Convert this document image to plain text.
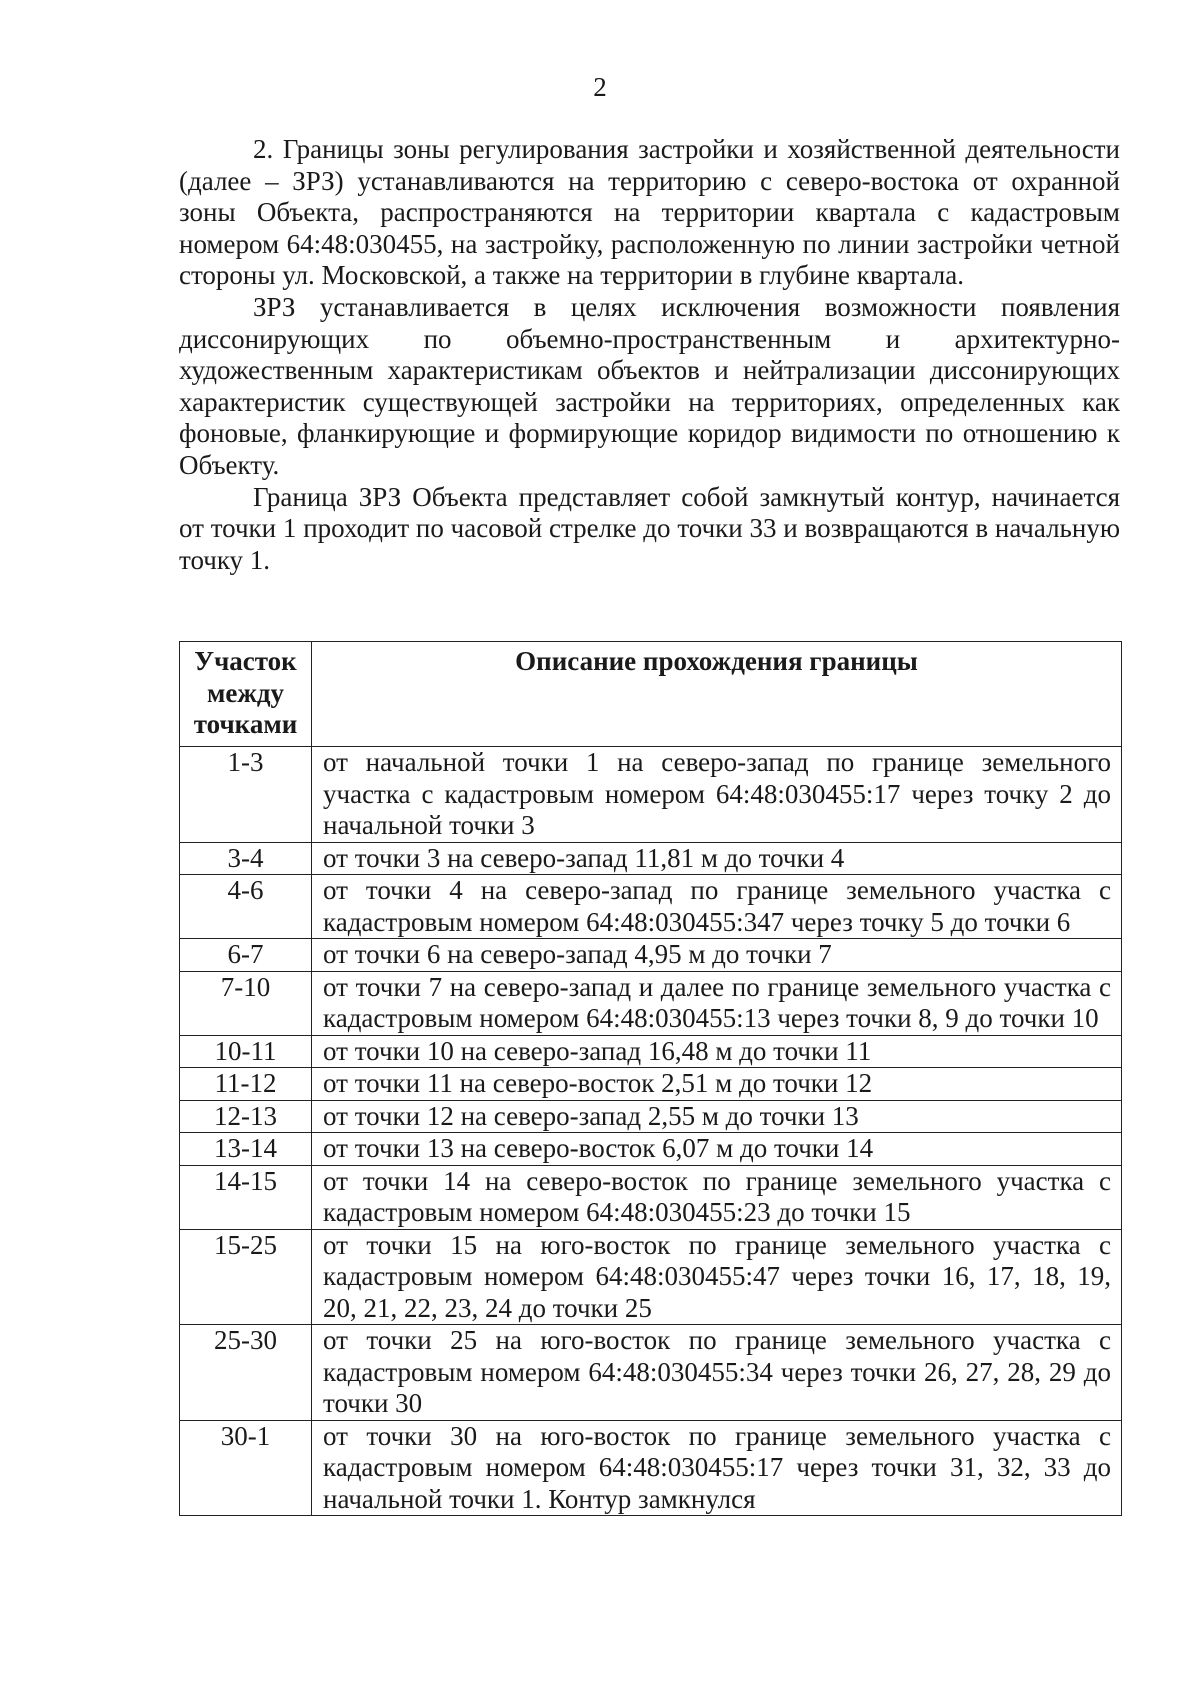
2

2. Границы зоны регулирования застройки и хозяйственной деятельности (далее – ЗРЗ) устанавливаются на территорию с северо-востока от охранной зоны Объекта, распространяются на территории квартала с кадастровым номером 64:48:030455, на застройку, расположенную по линии застройки четной стороны ул. Московской, а также на территории в глубине квартала.

ЗРЗ устанавливается в целях исключения возможности появления диссонирующих по объемно-пространственным и архитектурно-художественным характеристикам объектов и нейтрализации диссонирующих характеристик существующей застройки на территориях, определенных как фоновые, фланкирующие и формирующие коридор видимости по отношению к Объекту.

Граница ЗРЗ Объекта представляет собой замкнутый контур, начинается от точки 1 проходит по часовой стрелке до точки 33 и возвращаются в начальную точку 1.

Участок между точками	Описание прохождения границы
1-3	от начальной точки 1 на северо-запад по границе земельного участка с кадастровым номером 64:48:030455:17 через точку 2 до начальной точки 3
3-4	от точки 3 на северо-запад 11,81 м до точки 4
4-6	от точки 4 на северо-запад по границе земельного участка с кадастровым номером 64:48:030455:347 через точку 5 до точки 6
6-7	от точки 6 на северо-запад 4,95 м до точки 7
7-10	от точки 7 на северо-запад и далее по границе земельного участка с кадастровым номером 64:48:030455:13 через точки 8, 9 до точки 10
10-11	от точки 10 на северо-запад 16,48 м до точки 11
11-12	от точки 11 на северо-восток 2,51 м до точки 12
12-13	от точки 12 на северо-запад 2,55 м до точки 13
13-14	от точки 13 на северо-восток 6,07 м до точки 14
14-15	от точки 14 на северо-восток по границе земельного участка с кадастровым номером 64:48:030455:23 до точки 15
15-25	от точки 15 на юго-восток по границе земельного участка с кадастровым номером 64:48:030455:47 через точки 16, 17, 18, 19, 20, 21, 22, 23, 24 до точки 25
25-30	от точки 25 на юго-восток по границе земельного участка с кадастровым номером 64:48:030455:34 через точки 26, 27, 28, 29 до точки 30
30-1	от точки 30 на юго-восток по границе земельного участка с кадастровым номером 64:48:030455:17 через точки 31, 32, 33 до начальной точки 1. Контур замкнулся
